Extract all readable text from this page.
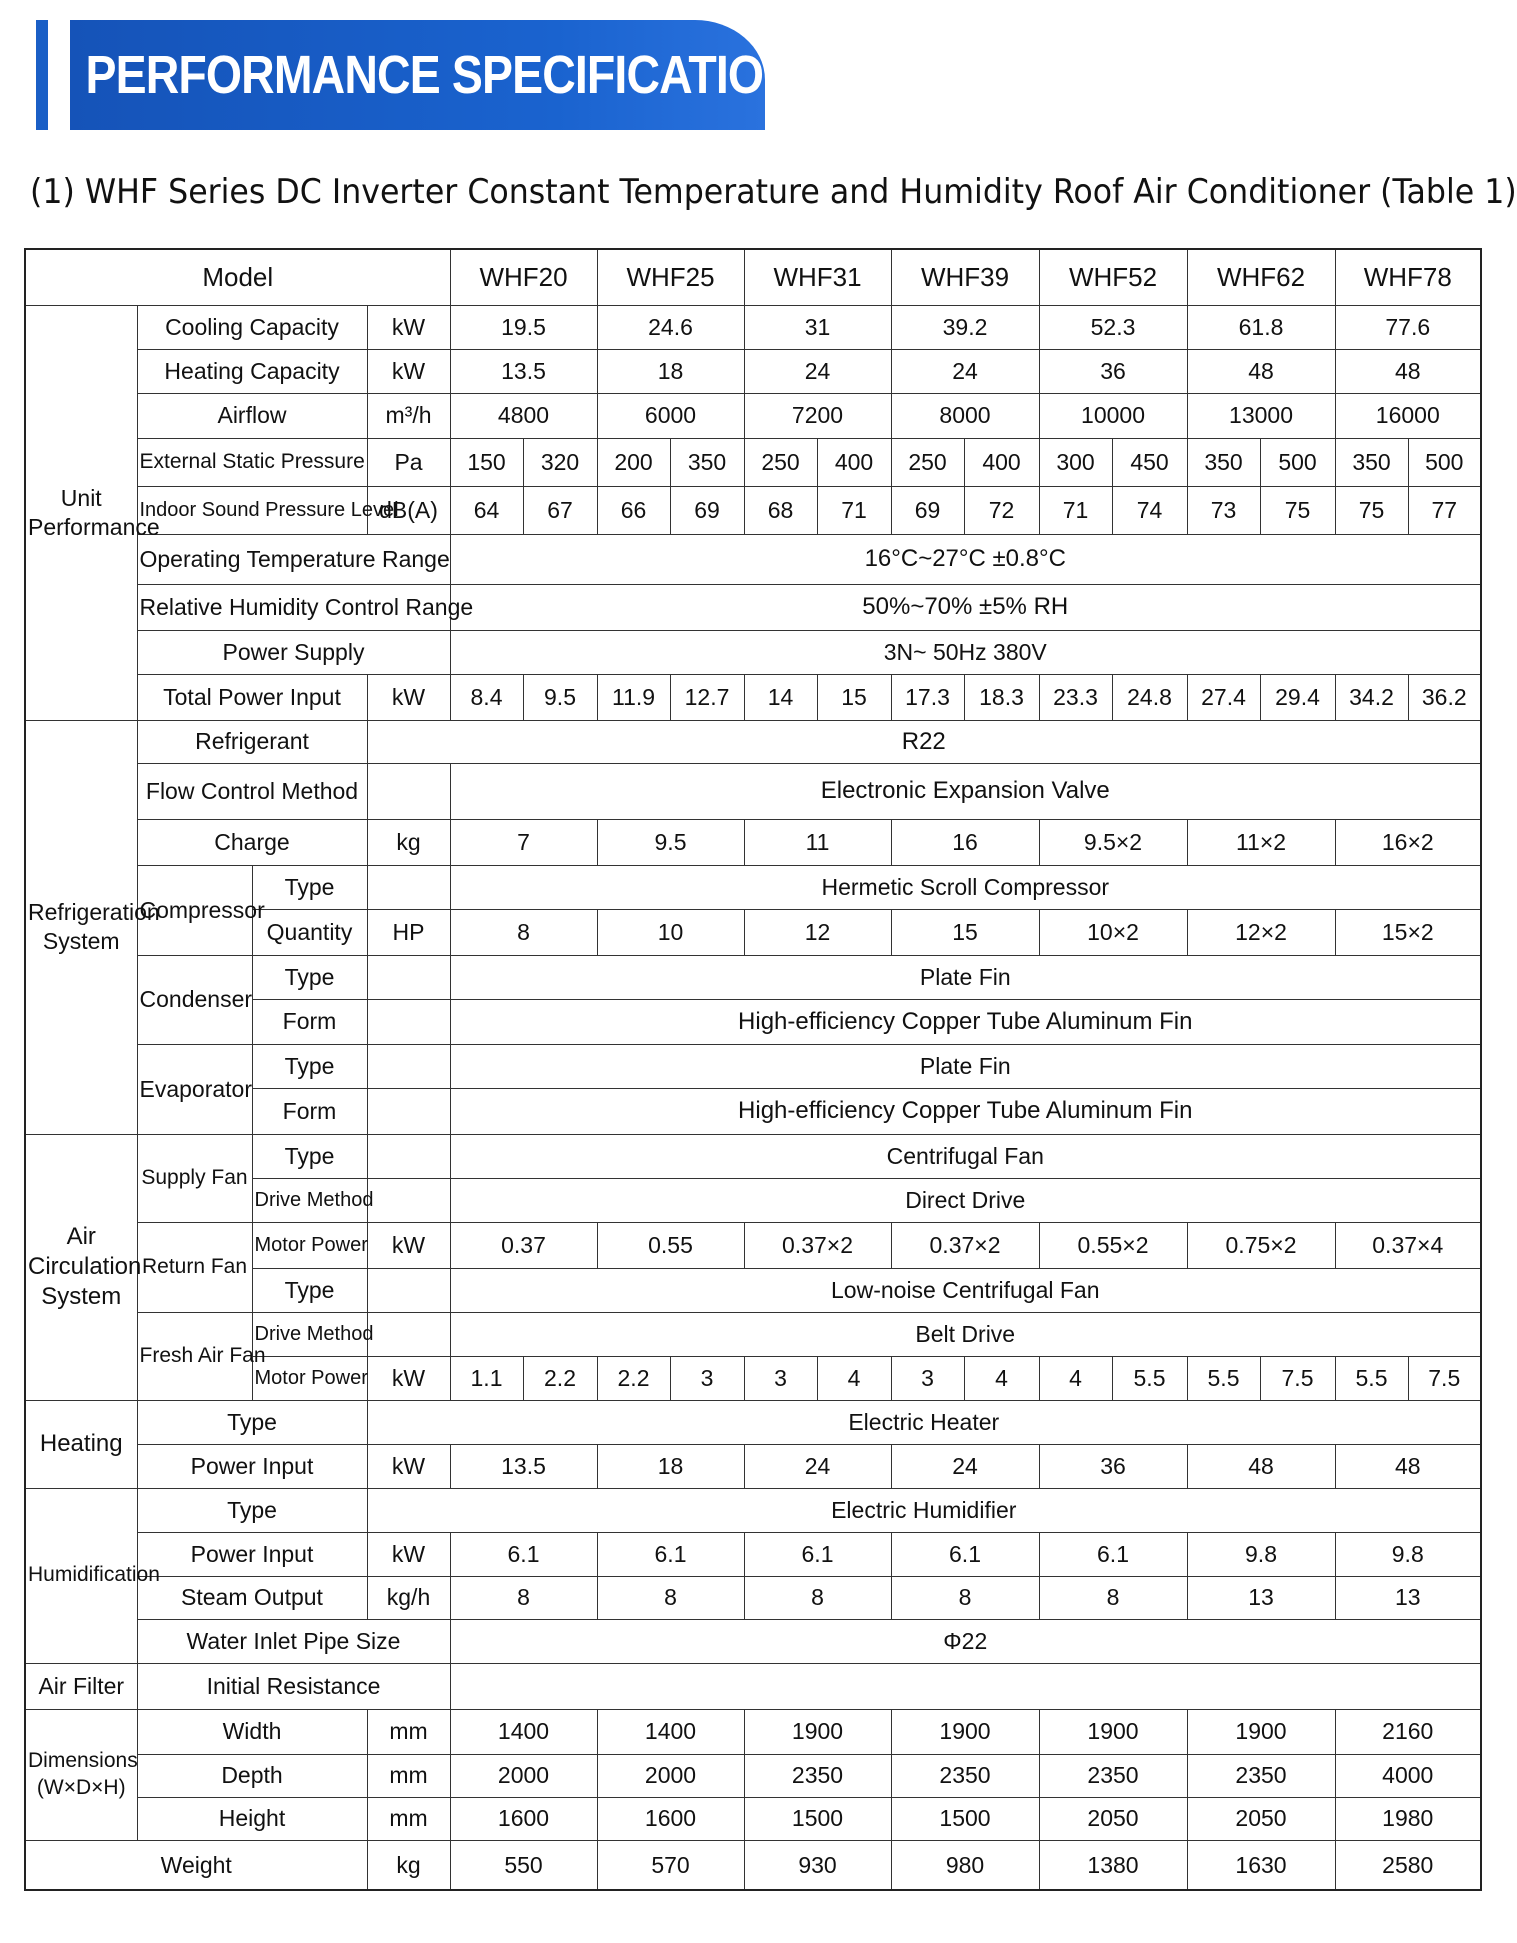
PERFORMANCE SPECIFICATIONS
(1) WHF Series DC Inverter Constant Temperature and Humidity Roof Air Conditioner (Table 1)
Model				WHF20		WHF25		WHF31		WHF39		WHF52		WHF62		WHF78	
Unit Performance	Cooling Capacity		kW	19.5		24.6		31		39.2		52.3		61.8		77.6	
	Heating Capacity		kW	13.5		18		24		24		36		48		48	
	Airflow		m³/h	4800		6000		7200		8000		10000		13000		16000	
	External Static Pressure		Pa	150	320	200	350	250	400	250	400	300	450	350	500	350	500
	Indoor Sound Pressure Level		dB(A)	64	67	66	69	68	71	69	72	71	74	73	75	75	77
	Operating Temperature Range			16°C~27°C ±0.8°C													
	Relative Humidity Control Range			50%~70% ±5% RH													
	Power Supply			3N~ 50Hz 380V													
	Total Power Input		kW	8.4	9.5	11.9	12.7	14	15	17.3	18.3	23.3	24.8	27.4	29.4	34.2	36.2
Refrigeration System	Refrigerant		R22														
	Flow Control Method			Electronic Expansion Valve													
	Charge		kg	7		9.5		11		16		9.5×2		11×2		16×2	
	Compressor	Type		Hermetic Scroll Compressor													
		Quantity	HP	8		10		12		15		10×2		12×2		15×2	
	Condenser	Type		Plate Fin													
		Form		High-efficiency Copper Tube Aluminum Fin													
	Evaporator	Type		Plate Fin													
		Form		High-efficiency Copper Tube Aluminum Fin													
Air Circulation System	Supply Fan	Type		Centrifugal Fan													
		Drive Method		Direct Drive													
	Return Fan	Motor Power	kW	0.37		0.55		0.37×2		0.37×2		0.55×2		0.75×2		0.37×4	
		Type		Low-noise Centrifugal Fan													
	Fresh Air Fan	Drive Method		Belt Drive													
		Motor Power	kW	1.1	2.2	2.2	3	3	4	3	4	4	5.5	5.5	7.5	5.5	7.5
Heating	Type		Electric Heater														
	Power Input		kW	13.5		18		24		24		36		48		48	
Humidification	Type		Electric Humidifier														
	Power Input		kW	6.1		6.1		6.1		6.1		6.1		9.8		9.8	
	Steam Output		kg/h	8		8		8		8		8		13		13	
	Water Inlet Pipe Size			Φ22													
Air Filter	Initial Resistance																
Dimensions (W×D×H)	Width		mm	1400		1400		1900		1900		1900		1900		2160	
	Depth		mm	2000		2000		2350		2350		2350		2350		4000	
	Height		mm	1600		1600		1500		1500		2050		2050		1980	
Weight			kg	550		570		930		980		1380		1630		2580	
